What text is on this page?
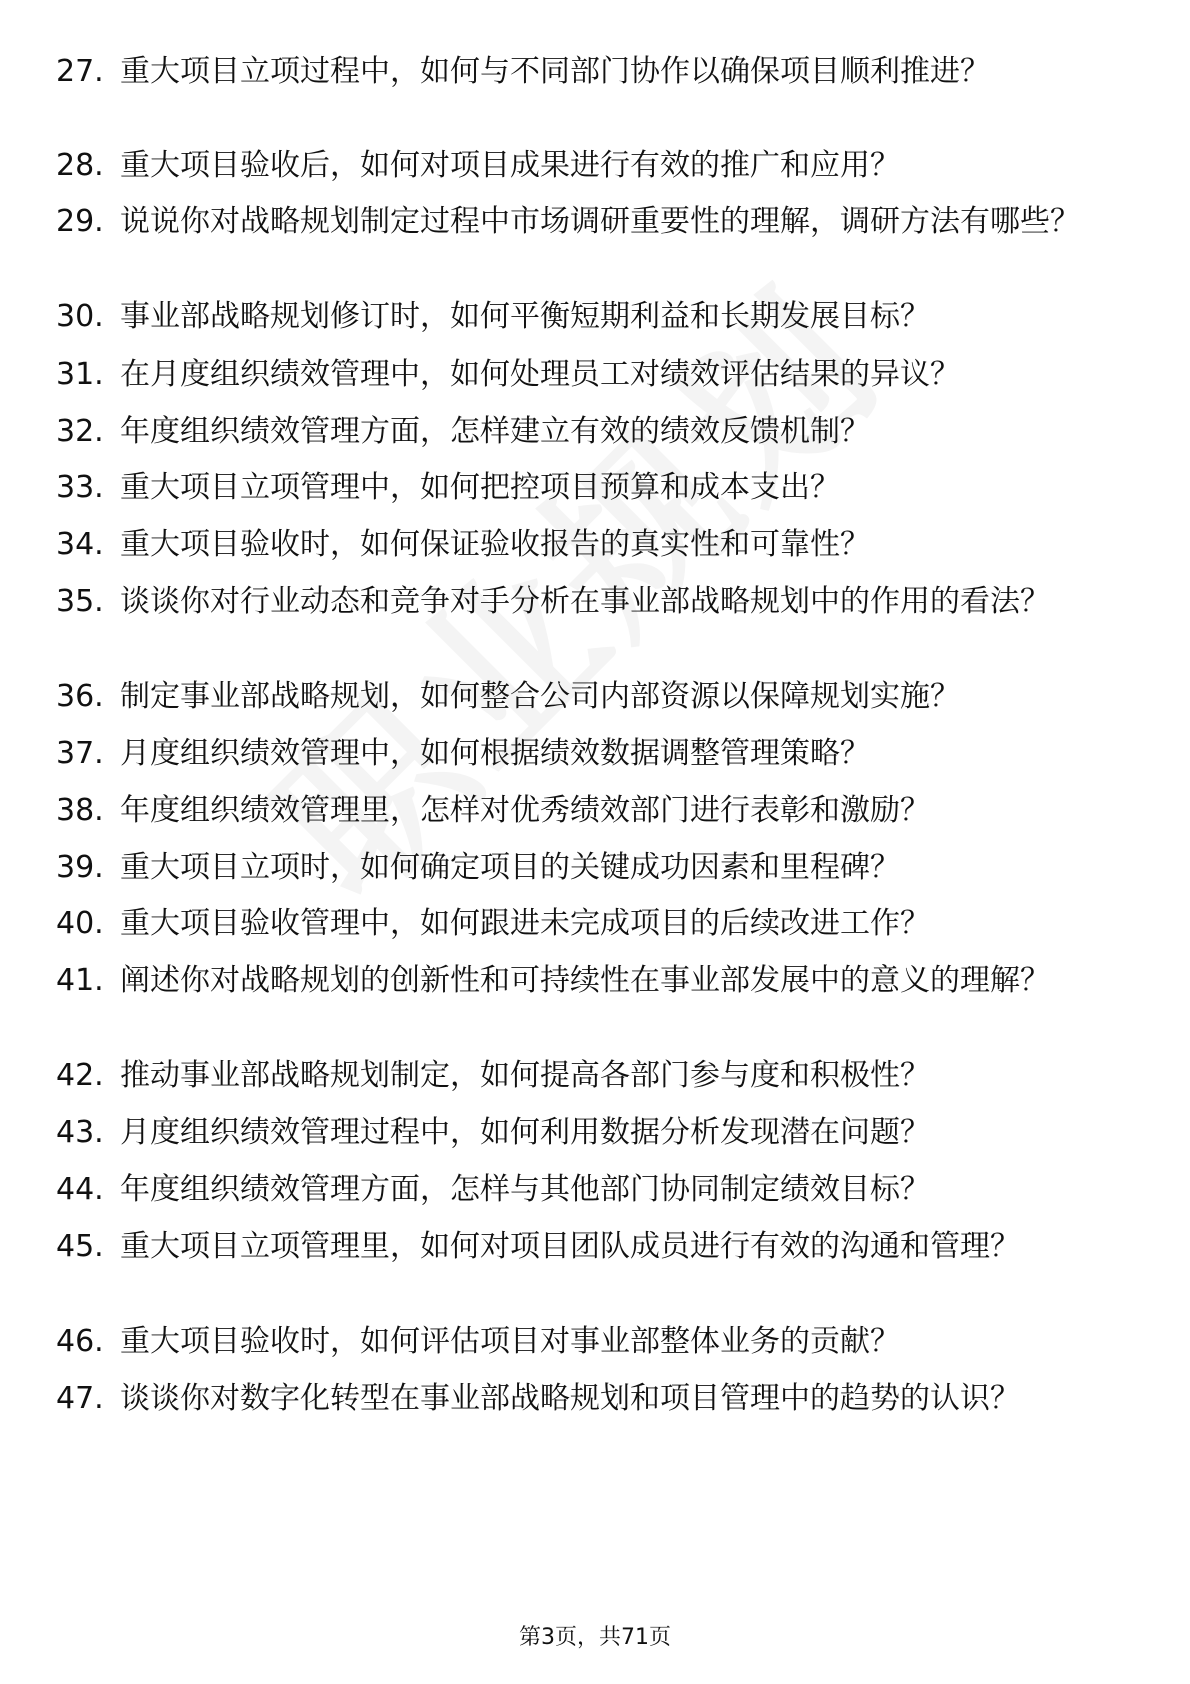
27. 重大项目立项过程中，如何与不同部门协作以确保项目顺利推进？
28. 重大项目验收后，如何对项目成果进行有效的推广和应用？
29. 说说你对战略规划制定过程中市场调研重要性的理解，调研方法有哪些？
30. 事业部战略规划修订时，如何平衡短期利益和长期发展目标？
31. 在月度组织绩效管理中，如何处理员工对绩效评估结果的异议？
32. 年度组织绩效管理方面，怎样建立有效的绩效反馈机制？
33. 重大项目立项管理中，如何把控项目预算和成本支出？
34. 重大项目验收时，如何保证验收报告的真实性和可靠性？
35. 谈谈你对行业动态和竞争对手分析在事业部战略规划中的作用的看法？
36. 制定事业部战略规划，如何整合公司内部资源以保障规划实施？
37. 月度组织绩效管理中，如何根据绩效数据调整管理策略？
38. 年度组织绩效管理里，怎样对优秀绩效部门进行表彰和激励？
39. 重大项目立项时，如何确定项目的关键成功因素和里程碑？
40. 重大项目验收管理中，如何跟进未完成项目的后续改进工作？
41. 阐述你对战略规划的创新性和可持续性在事业部发展中的意义的理解？
42. 推动事业部战略规划制定，如何提高各部门参与度和积极性？
43. 月度组织绩效管理过程中，如何利用数据分析发现潜在问题？
44. 年度组织绩效管理方面，怎样与其他部门协同制定绩效目标？
45. 重大项目立项管理里，如何对项目团队成员进行有效的沟通和管理？
46. 重大项目验收时，如何评估项目对事业部整体业务的贡献？
47. 谈谈你对数字化转型在事业部战略规划和项目管理中的趋势的认识？
第3页，共71页
